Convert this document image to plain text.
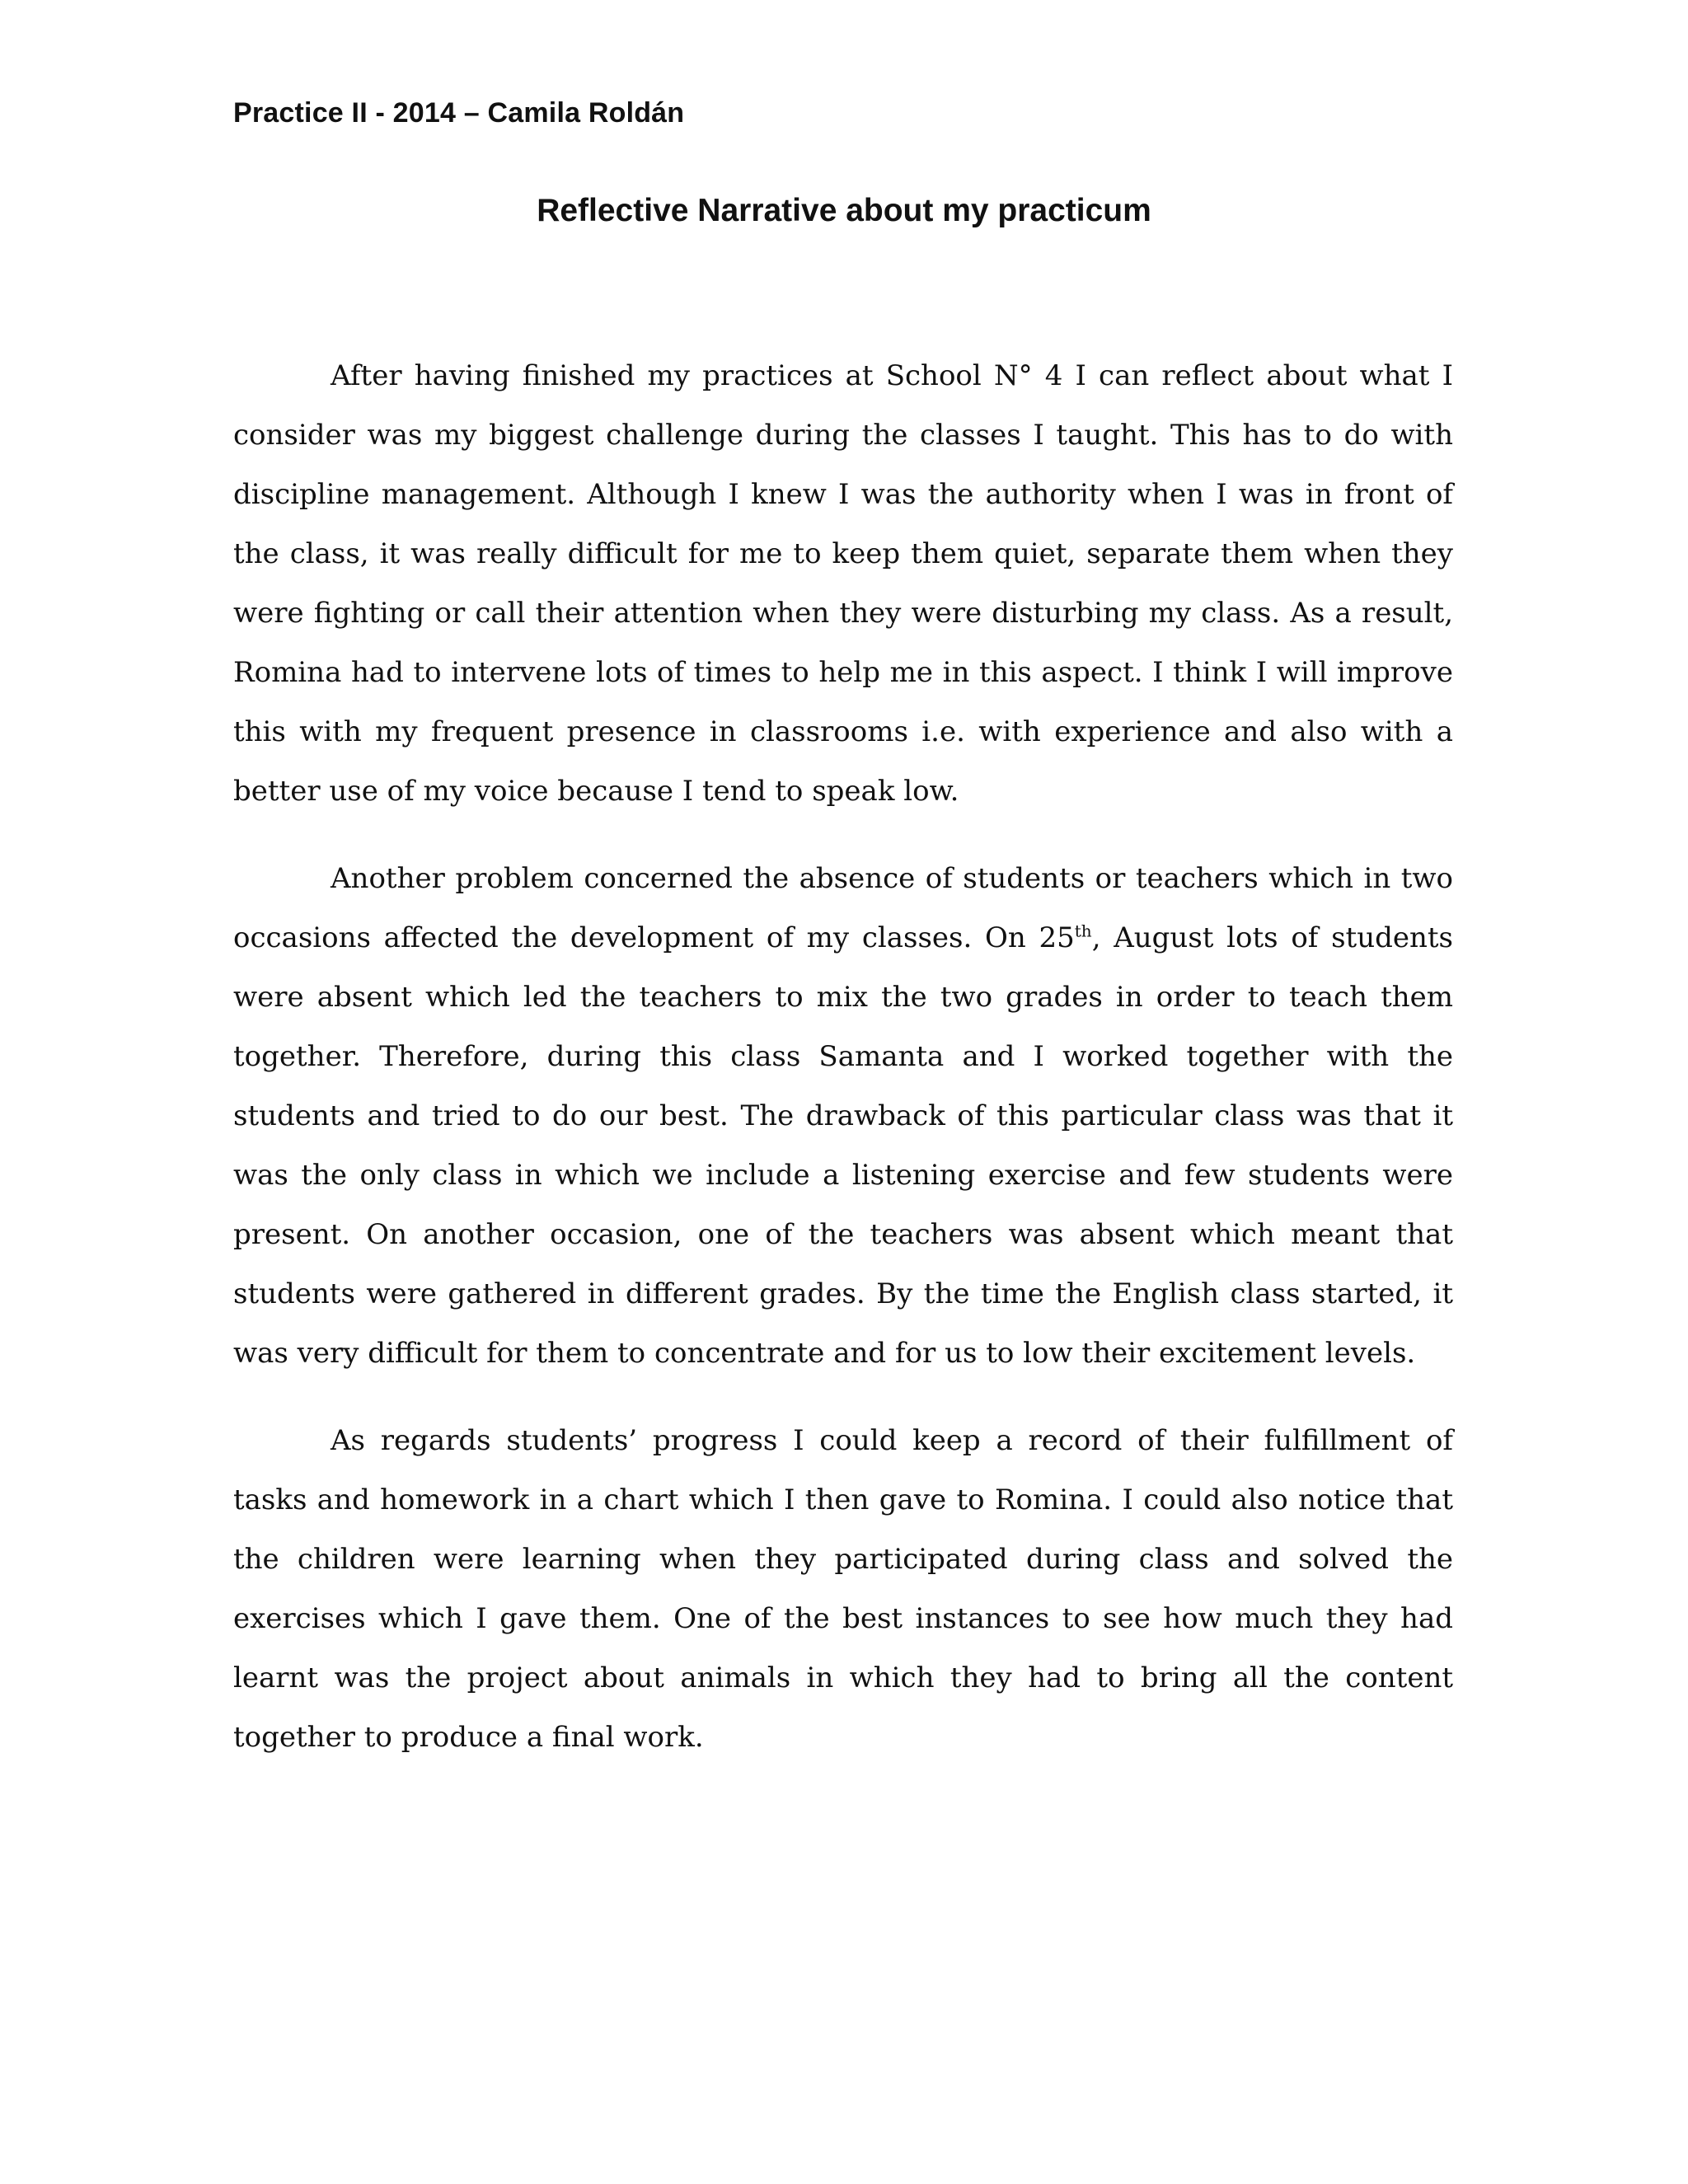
Practice II - 2014 – Camila Roldán
Reflective Narrative about my practicum

After having finished my practices at School N° 4 I can reflect about what I consider was my biggest challenge during the classes I taught. This has to do with discipline management. Although I knew I was the authority when I was in front of the class, it was really difficult for me to keep them quiet, separate them when they were fighting or call their attention when they were disturbing my class. As a result, Romina had to intervene lots of times to help me in this aspect. I think I will improve this with my frequent presence in classrooms i.e. with experience and also with a better use of my voice because I tend to speak low.

Another problem concerned the absence of students or teachers which in two occasions affected the development of my classes. On 25th, August lots of students were absent which led the teachers to mix the two grades in order to teach them together. Therefore, during this class Samanta and I worked together with the students and tried to do our best. The drawback of this particular class was that it was the only class in which we include a listening exercise and few students were present. On another occasion, one of the teachers was absent which meant that students were gathered in different grades. By the time the English class started, it was very difficult for them to concentrate and for us to low their excitement levels.

As regards students’ progress I could keep a record of their fulfillment of tasks and homework in a chart which I then gave to Romina. I could also notice that the children were learning when they participated during class and solved the exercises which I gave them. One of the best instances to see how much they had learnt was the project about animals in which they had to bring all the content together to produce a final work.
